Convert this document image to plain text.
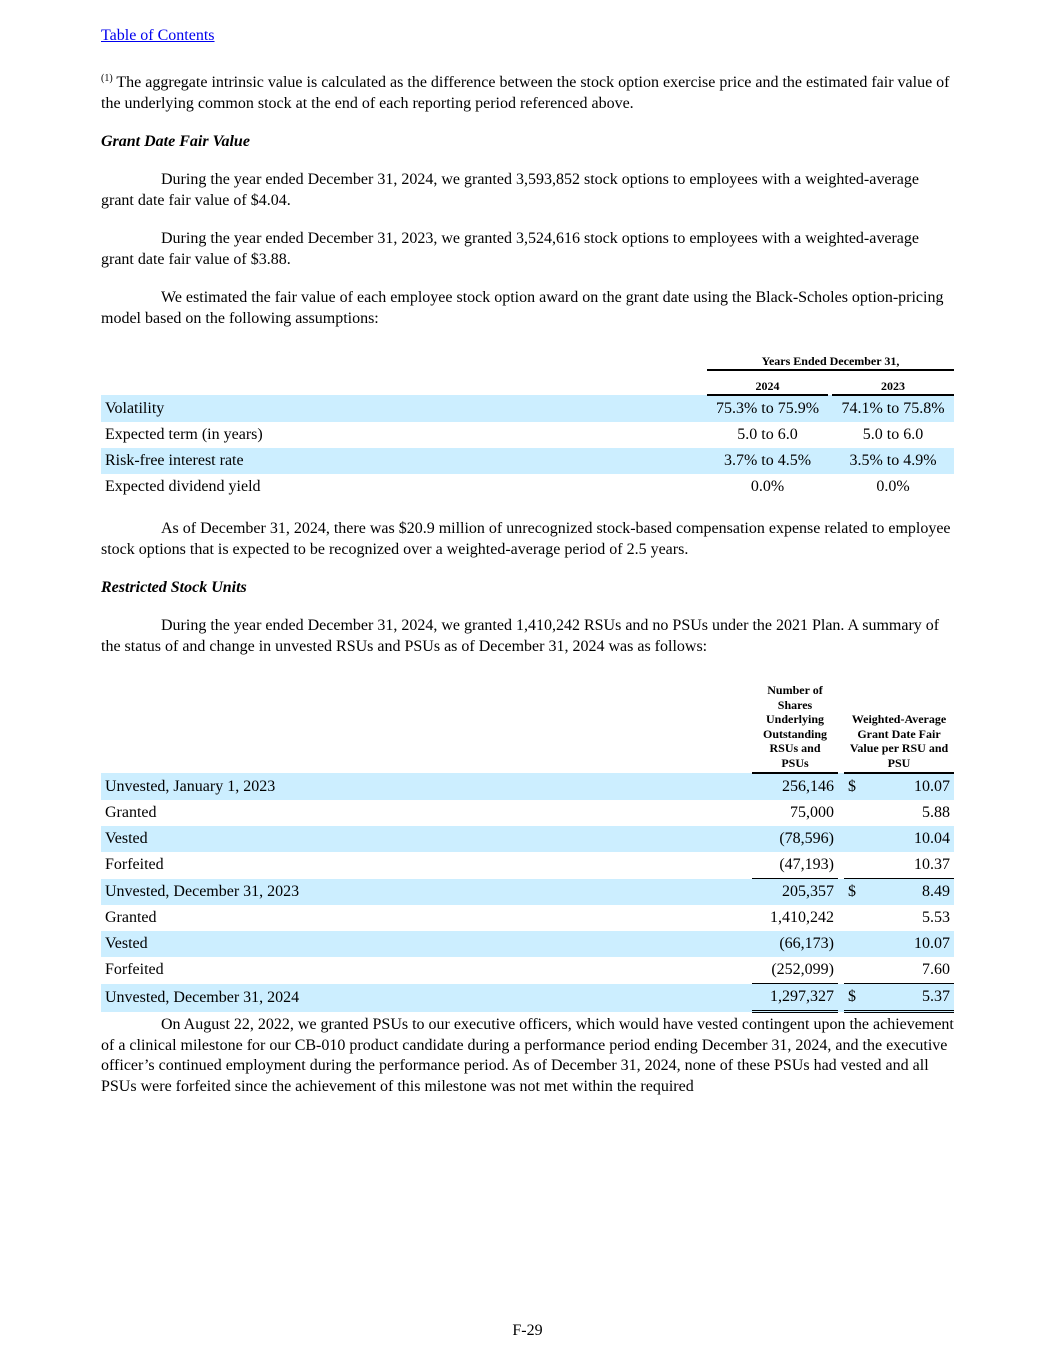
Table of Contents

$^{(1)}$ The aggregate intrinsic value is calculated as the difference between the stock option exercise price and the estimated fair value of the underlying common stock at the end of each reporting period referenced above.

Grant Date Fair Value

During the year ended December 31, 2024, we granted 3,593,852 stock options to employees with a weighted-average grant date fair value of $4.04.

During the year ended December 31, 2023, we granted 3,524,616 stock options to employees with a weighted-average grant date fair value of $3.88.

We estimated the fair value of each employee stock option award on the grant date using the Black-Scholes option-pricing model based on the following assumptions:

	Years Ended December 31,		
	2024		2023
Volatility	75.3% to 75.9%		74.1% to 75.8%
Expected term (in years)	5.0 to 6.0		5.0 to 6.0
Risk-free interest rate	3.7% to 4.5%		3.5% to 4.9%
Expected dividend yield	0.0%		0.0%

As of December 31, 2024, there was $20.9 million of unrecognized stock-based compensation expense related to employee stock options that is expected to be recognized over a weighted-average period of 2.5 years.

Restricted Stock Units

During the year ended December 31, 2024, we granted 1,410,242 RSUs and no PSUs under the 2021 Plan. A summary of the status of and change in unvested RSUs and PSUs as of December 31, 2024 was as follows:

	Number of Shares Underlying Outstanding RSUs and PSUs		Weighted-Average Grant Date Fair Value per RSU and PSU	
Unvested, January 1, 2023	256,146		$	10.07
Granted	75,000			5.88
Vested	(78,596)			10.04
Forfeited	(47,193)			10.37
Unvested, December 31, 2023	205,357		$	8.49
Granted	1,410,242			5.53
Vested	(66,173)			10.07
Forfeited	(252,099)			7.60
Unvested, December 31, 2024	1,297,327		$	5.37

On August 22, 2022, we granted PSUs to our executive officers, which would have vested contingent upon the achievement of a clinical milestone for our CB-010 product candidate during a performance period ending December 31, 2024, and the executive officer’s continued employment during the performance period. As of December 31, 2024, none of these PSUs had vested and all PSUs were forfeited since the achievement of this milestone was not met within the required

F-29
